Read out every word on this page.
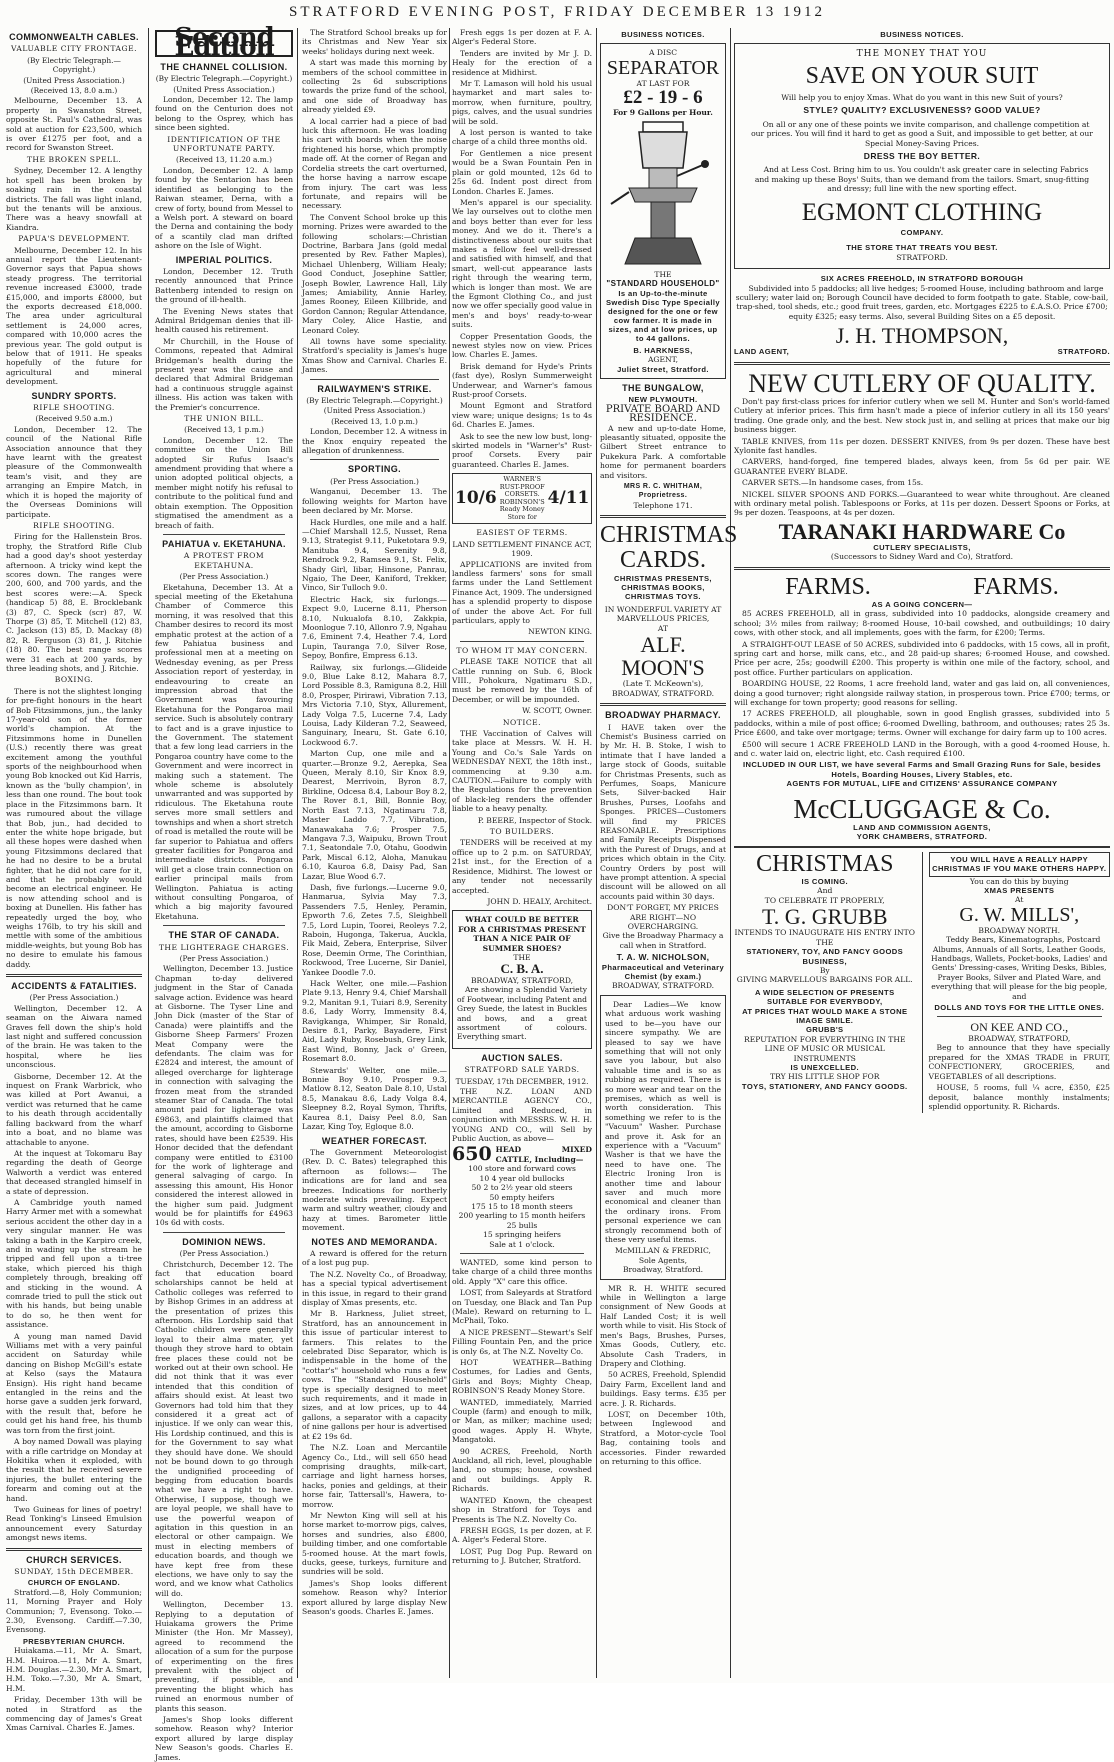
STRATFORD EVENING POST, FRIDAY DECEMBER 13 1912
COMMONWEALTH CABLES.
VALUABLE CITY FRONTAGE.
(By Electric Telegraph.—Copyright.)
(United Press Association.)
(Received 13, 8.0 a.m.)

Melbourne, December 13. A property in Swanston Street, opposite St. Paul's Cathedral, was sold at auction for £23,500, which is over £1275 per foot, and a record for Swanston Street.

THE BROKEN SPELL.

Sydney, December 12. A lengthy hot spell has been broken by soaking rain in the coastal districts. The fall was light inland, but the tenants will be anxious. There was a heavy snowfall at Kiandra.

PAPUA'S DEVELOPMENT.

Melbourne, December 12. In his annual report the Lieutenant-Governor says that Papua shows steady progress. The territorial revenue increased £3000, trade £15,000, and imports £8000, but the exports decreased £18,000. The area under agricultural settlement is 24,000 acres, compared with 10,000 acres the previous year. The gold output is below that of 1911. He speaks hopefully of the future for agricultural and mineral development.

SUNDRY SPORTS.
RIFLE SHOOTING.
(Received 9.50 a.m.)

London, December 12. The council of the National Rifle Association announce that they have learnt with the greatest pleasure of the Commonwealth team's visit, and they are arranging an Empire Match, in which it is hoped the majority of the Overseas Dominions will participate.

RIFLE SHOOTING.

Firing for the Hallenstein Bros. trophy, the Stratford Rifle Club had a good day's shoot yesterday afternoon. A tricky wind kept the scores down. The ranges were 200, 600, and 700 yards, and the best scores were:—A. Speck (handicap 5) 88, E. Brocklebank (3) 87, C. Speck (scr) 87, W. Thorpe (3) 85, T. Mitchell (12) 83, C. Jackson (13) 85, D. Mackay (8) 82, R. Ferguson (3) 81, J. Ritchie (18) 80. The best range scores were 31 each at 200 yards, by three leading shots, and J. Ritchie.

BOXING.

There is not the slightest longing for pre-fight honours in the heart of Bob Fitzsimmons, jun., the lanky 17-year-old son of the former world's champion. At the Fitzsimmons home in Dunellen (U.S.) recently there was great excitement among the youthful sports of the neighbourhood when young Bob knocked out Kid Harris, known as the 'bully champion', in less than one round. The bout took place in the Fitzsimmons barn. It was rumoured about the village that Bob, jun., had decided to enter the white hope brigade, but all these hopes were dashed when young Fitzsimmons declared that he had no desire to be a brutal fighter, that he did not care for it, and that he probably would become an electrical engineer. He is now attending school and is boxing at Dunellen. His father has repeatedly urged the boy, who weighs 176lb, to try his skill and mettle with some of the ambitious middle-weights, but young Bob has no desire to emulate his famous daddy.

ACCIDENTS & FATALITIES.
(Per Press Association.)

Wellington, December 12. A seaman on the Aiwara named Graves fell down the ship's hold last night and suffered concussion of the brain. He was taken to the hospital, where he lies unconscious.

Gisborne, December 12. At the inquest on Frank Warbrick, who was killed at Port Awanui, a verdict was returned that he came to his death through accidentally falling backward from the wharf into a boat, and no blame was attachable to anyone.

At the inquest at Tokomaru Bay regarding the death of George Walworth a verdict was entered that deceased strangled himself in a state of depression.

A Cambridge youth named Harry Armer met with a somewhat serious accident the other day in a very singular manner. He was taking a bath in the Karpiro creek, and in wading up the stream he tripped and fell upon a ti-tree stake, which pierced his thigh completely through, breaking off and sticking in the wound. A comrade tried to pull the stick out with his hands, but being unable to do so, he then went for assistance.

A young man named David Williams met with a very painful accident on Saturday while dancing on Bishop McGill's estate at Kelso (says the Mataura Ensign). His right hand became entangled in the reins and the horse gave a sudden jerk forward, with the result that, before he could get his hand free, his thumb was torn from the first joint.

A boy named Dowall was playing with a rifle cartridge on Monday at Hokitika when it exploded, with the result that he received severe injuries, the bullet entering the forearm and coming out at the hand.

Two Guineas for lines of poetry! Read Tonking's Linseed Emulsion announcement every Saturday amongst news items.

CHURCH SERVICES.
SUNDAY, 15th DECEMBER.
CHURCH OF ENGLAND.

Stratford.—8, Holy Communion; 11, Morning Prayer and Holy Communion; 7, Evensong. Toko.—2.30, Evensong. Cardiff.—7.30, Evensong.

PRESBYTERIAN CHURCH.

Huiakama.—11, Mr A. Smart, H.M. Huiroa.—11, Mr A. Smart, H.M. Douglas.—2.30, Mr A. Smart, H.M. Toko.—7.30, Mr A. Smart, H.M.

Friday, December 13th will be noted in Stratford as the commencing day of James's Great Xmas Carnival. Charles E. James.

Second Edition
THE CHANNEL COLLISION.
(By Electric Telegraph.—Copyright.)
(United Press Association.)

London, December 12. The lamp found on the Centurion does not belong to the Osprey, which has since been sighted.

IDENTIFICATION OF THE UNFORTUNATE PARTY.
(Received 13, 11.20 a.m.)

London, December 12. A lamp found by the Sentarion has been identified as belonging to the Raiwan steamer, Derna, with a crew of forty, bound from Messel to a Welsh port. A steward on board the Derna and containing the body of a scantily clad man drifted ashore on the Isle of Wight.

IMPERIAL POLITICS.

London, December 12. Truth recently announced that Prince Battenberg intended to resign on the ground of ill-health.

The Evening News states that Admiral Bridgeman denies that ill-health caused his retirement.

Mr Churchill, in the House of Commons, repeated that Admiral Bridgeman's health during the present year was the cause and declared that Admiral Bridgeman had a continuous struggle against illness. His action was taken with the Premier's concurrence.

THE UNION BILL.
(Received 13, 1 p.m.)

London, December 12. The committee on the Union Bill adopted Sir Rufus Isaac's amendment providing that where a union adopted political objects, a member might notify his refusal to contribute to the political fund and obtain exemption. The Opposition stigmatised the amendment as a breach of faith.

PAHIATUA v. EKETAHUNA.
A PROTEST FROM EKETAHUNA.
(Per Press Association.)

Eketahuna, December 13. At a special meeting of the Eketahuna Chamber of Commerce this morning, it was resolved that this Chamber desires to record its most emphatic protest at the action of a few Pahiatua business and professional men at a meeting on Wednesday evening, as per Press Association report of yesterday, in endeavouring to create an impression abroad that the Government was favouring Eketahuna for the Pongaroa mail service. Such is absolutely contrary to fact and is a grave injustice to the Government. The statement that a few long lead carriers in the Pongaroa country have come to the Government and were incorrect in making such a statement. The whole scheme is absolutely unwarranted and was supported by ridiculous. The Eketahuna route serves more small settlers and townships and when a short stretch of road is metalled the route will be far superior to Pahiatua and offers greater facilities for Pongaroa and intermediate districts. Pongaroa will get a close train connection on earlier principal mails from Wellington. Pahiatua is acting without consulting Pongaroa, of which a big majority favoured Eketahuna.

THE STAR OF CANADA.
THE LIGHTERAGE CHARGES.
(Per Press Association.)

Wellington, December 13. Justice Chapman to-day delivered judgment in the Star of Canada salvage action. Evidence was heard at Gisborne. The Tyser Line and John Dick (master of the Star of Canada) were plaintiffs and the Gisborne Sheep Farmers' Frozen Meat Company were the defendants. The claim was for £2824 and interest, the amount of alleged overcharge for lighterage in connection with salvaging the frozen meat from the stranded steamer Star of Canada. The total amount paid for lighterage was £9863, and plaintiffs claimed that the amount, according to Gisborne rates, should have been £2539. His Honor decided that the defendant company were entitled to £3100 for the work of lighterage and general salvaging of cargo. In assessing this amount, His Honor considered the interest allowed in the higher sum paid. Judgment would be for plaintiffs for £4963 10s 6d with costs.

DOMINION NEWS.
(Per Press Association.)

Christchurch, December 12. The fact that education board scholarships cannot be held at Catholic colleges was referred to by Bishop Grimes in an address at the presentation of prizes this afternoon. His Lordship said that Catholic children were generally loyal to their alma mater, yet though they strove hard to obtain free places these could not be worked out at their own school. He did not think that it was ever intended that this condition of affairs should exist. At least two Governors had told him that they considered it a great act of injustice. If we only can wear this, His Lordship continued, and this is for the Government to say what they should have done. We should not be bound down to go through the undignified proceeding of begging from education boards what we have a right to have. Otherwise, I suppose, though we are loyal people, we shall have to use the powerful weapon of agitation in this question in an electoral or other campaign. We must in electing members of education boards, and though we have kept free from these elections, we have only to say the word, and we know what Catholics will do.

Wellington, December 13. Replying to a deputation of Huiakama growers the Prime Minister (the Hon. Mr Massey), agreed to recommend the allocation of a sum for the purpose of experimenting on the fires prevalent with the object of preventing, if possible, and preventing the blight which has ruined an enormous number of plants this season.

James's Shop looks different somehow. Reason why? Interior export allured by large display New Season's goods. Charles E. James.

The Stratford School breaks up for its Christmas and New Year six weeks' holidays during next week.

A start was made this morning by members of the school committee in collecting 2s 6d subscriptions towards the prize fund of the school, and one side of Broadway has already yielded £9.

A local carrier had a piece of bad luck this afternoon. He was loading his cart with boards when the noise frightened his horse, which promptly made off. At the corner of Regan and Cordelia streets the cart overturned, the horse having a narrow escape from injury. The cart was less fortunate, and repairs will be necessary.

The Convent School broke up this morning. Prizes were awarded to the following scholars:—Christian Doctrine, Barbara Jans (gold medal presented by Rev. Father Maples), Michael Uhlenberg, William Healy; Good Conduct, Josephine Sattler, Joseph Bowler, Lawrence Hall, Lily James; Amiability, Annie Harley, James Rooney, Eileen Killbride, and Gordon Cannon; Regular Attendance, Mary Coley, Alice Hastie, and Leonard Coley.

All towns have some speciality. Stratford's speciality is James's huge Xmas Show and Carnival. Charles E. James.

RAILWAYMEN'S STRIKE.
(By Electric Telegraph.—Copyright.)
(United Press Association.)
(Received 13, 1.0 p.m.)

London, December 12. A witness in the Knox enquiry repeated the allegation of drunkenness.

SPORTING.
(Per Press Association.)

Wanganui, December 13. The following weights for Marton have been declared by Mr. Morse.

Hack Hurdles, one mile and a half.—Chief Marshall 12.5, Nusset, Rena 9.13, Strategist 9.11, Puketotara 9.9, Manituba 9.4, Serenity 9.8, Rendrock 9.2, Ramsea 9.1, St. Felix, Shady Girl, Iibar, Hinsone, Panrau, Ngaio, The Deer, Kaniford, Trekker, Vinco, Sir Tulloch 9.0.

Electric Hack, six furlongs.—Expect 9.0, Lucerne 8.11, Pherson 8.10, Nukualofa 8.10, Zakkpia, Moonlogue 7.10, Allonro 7.9, Ngahau 7.6, Eminent 7.4, Heather 7.4, Lord Lupin, Tauranga 7.0, Silver Rose, Sepoy, Bonfire, Empress 6.13.

Railway, six furlongs.—Glideide 9.0, Blue Lake 8.12, Mahara 8.7, Lord Possible 8.3, Ramiguna 8.2, Hill 8.0, Prosper, Pirirawi, Vibration 7.13, Mrs Victoria 7.10, Styx, Allurement, Lady Volga 7.5, Lucerne 7.4, Lady Louisa, Lady Kilderan 7.2, Seaweed, Sanguinary, Inearu, St. Gate 6.10, Lockwood 6.7.

Marton Cup, one mile and a quarter.—Bronze 9.2, Aerepka, Sea Queen, Meraly 8.10, Sir Knox 8.9, Dearest, Merrivoin, Byron 8.7, Birkline, Odcesa 8.4, Labour Boy 8.2, The Rover 8.1, Bill, Bonnie Boy, North East 7.13, Ngatimaru 7.8, Master Laddo 7.7, Vibration, Manawakaha 7.6; Prosper 7.5, Mangava 7.3, Waipuku, Brown Trout 7.1, Seatondale 7.0, Otahu, Goodwin Park, Miscal 6.12, Aloha, Manukau 6.10, Kauroa 6.8, Daisy Pad, San Lazar, Blue Wood 6.7.

Dash, five furlongs.—Lucerne 9.0, Hanmarua, Sylvia May 7.3, Passenders 7.5, Henley, Peramin, Epworth 7.6, Zetes 7.5, Sleighbell 7.5, Lord Lupin, Toorei, Reoleys 7.2, Raboin, Hugonga, Takerua, Auckla, Fik Maid, Zebera, Enterprise, Silver Rose, Deemin Orme, The Corinthian, Rockwood, Tree Lucerne, Sir Daniel, Yankee Doodle 7.0.

Hack Welter, one mile.—Fashion Plate 9.13, Henry 9.4, Chief Marshall 9.2, Manitan 9.1, Tuiari 8.9, Serenity 8.6, Lady Worry, Immensity 8.4, Ravigkanga, Whimper, Sir Ronald, Desire 8.1, Parky, Bayadere, First Aid, Lady Ruby, Rosebush, Grey Link, East Wind, Bonny, Jack o' Green, Rosemart 8.0.

Stewards' Welter, one mile.—Bonnie Boy 9.10, Prosper 9.3, Matlow 8.12, Seaton Dale 8.10, Ustal 8.5, Manakau 8.6, Lady Volga 8.4, Sleepney 8.2, Royal Symon, Thrifts, Kaurea 8.1, Daisy Peel 8.0, San Lazar, King Toy, Egloque 8.0.

WEATHER FORECAST.

The Government Meteorologist (Rev. D. C. Bates) telegraphed this afternoon as follows:— The indications are for land and sea breezes. Indications for northerly moderate winds prevailing. Expect warm and sultry weather, cloudy and hazy at times. Barometer little movement.

NOTES AND MEMORANDA.

A reward is offered for the return of a lost pug pup.

The N.Z. Novelty Co., of Broadway, has a special typical advertisement in this issue, in regard to their grand display of Xmas presents, etc.

Mr B. Harkness, Juliet street, Stratford, has an announcement in this issue of particular interest to farmers. This relates to the celebrated Disc Separator, which is indispensable in the home of the "cottar's" household who runs a few cows. The "Standard Household" type is specially designed to meet such requirements, and it made in sizes, and at low prices, up to 44 gallons, a separator with a capacity of nine gallons per hour is advertised at £2 19s 6d.

The N.Z. Loan and Mercantile Agency Co., Ltd., will sell 650 head comprising draughts, milk-cart, carriage and light harness horses, hacks, ponies and geldings, at their horse fair, Tattersall's, Hawera, to-morrow.

Mr Newton King will sell at his horse market to-morrow pigs, calves, horses and sundries, also £800, building timber, and one comfortable 5-roomed house. At the mart fowls, ducks, geese, turkeys, furniture and sundries will be sold.

James's Shop looks different somehow. Reason why? Interior export allured by large display New Season's goods. Charles E. James.

Fresh eggs 1s per dozen at F. A. Alger's Federal Store.

Tenders are invited by Mr J. D. Healy for the erection of a residence at Midhirst.

Mr T. Lamason will hold his usual haymarket and mart sales to-morrow, when furniture, poultry, pigs, calves, and the usual sundries will be sold.

A lost person is wanted to take charge of a child three months old.

For Gentlemen a nice present would be a Swan Fountain Pen in plain or gold mounted, 12s 6d to 25s 6d. Indent post direct from London. Charles E. James.

Men's apparel is our speciality. We lay ourselves out to clothe men and boys better than ever for less money. And we do it. There's a distinctiveness about our suits that makes a fellow feel well-dressed and satisfied with himself, and that smart, well-cut appearance lasts right through the wearing term, which is longer than most. We are the Egmont Clothing Co., and just now we offer specially good value in men's and boys' ready-to-wear suits.

Copper Presentation Goods, the newest styles now on view. Prices low. Charles E. James.

Brisk demand for Hyde's Prints (fast dye), Roslyn Summerweight Underwear, and Warner's famous Rust-proof Corsets.

Mount Egmont and Stratford view ware; unique designs; 1s to 4s 6d. Charles E. James.

Ask to see the new low bust, long-skirted models in "Warner's" Rust-proof Corsets. Every pair guaranteed. Charles E. James.

10/6
WARNER'S RUST-PROOF CORSETS. ROBINSON'S Ready Money Store for
4/11
EASIEST OF TERMS.
LAND SETTLEMENT FINANCE ACT, 1909.

APPLICATIONS are invited from landless farmers' sons for small farms under the Land Settlement Finance Act, 1909. The undersigned has a splendid property to dispose of under the above Act. For full particulars, apply to

NEWTON KING.
TO WHOM IT MAY CONCERN.

PLEASE TAKE NOTICE that all Cattle running on Sub. 6, Block VIII., Pohokura, Ngatimaru S.D., must be removed by the 16th of December, or will be impounded.

W. SCOTT, Owner.
NOTICE.

THE Vaccination of Calves will take place at Messrs. W. H. H. Young and Co.'s Sale Yards on WEDNESDAY NEXT, the 18th inst., commencing at 9.30 a.m. CAUTION.—Failure to comply with the Regulations for the prevention of black-leg renders the offender liable to a heavy penalty.

P. BEERE, Inspector of Stock.
TO BUILDERS.

TENDERS will be received at my office up to 2 p.m. on SATURDAY, 21st inst., for the Erection of a Residence, Midhirst. The lowest or any tender not necessarily accepted.

JOHN D. HEALY, Architect.
WHAT COULD BE BETTER FOR A CHRISTMAS PRESENT THAN A NICE PAIR OF SUMMER SHOES?
THE
C. B. A.
BROADWAY, STRATFORD,

Are showing a Splendid Variety of Footwear, including Patent and Grey Suede, the latest in Buckles and bows, and a great assortment of colours. Everything smart.

AUCTION SALES.
STRATFORD SALE YARDS.
TUESDAY, 17th DECEMBER, 1912.

THE N.Z. LOAN AND MERCANTILE AGENCY CO., Limited and Reduced, in conjunction with MESSRS. W. H. H. YOUNG AND CO., will Sell by Public Auction, as above—

650 HEAD MIXED CATTLE, Including—
100 store and forward cows
10 4 year old bullocks
50 2 to 2½ year old steers
50 empty heifers
175 15 to 18 month steers
200 yearling to 15 month heifers
25 bulls
15 springing heifers
Sale at 1 o'clock.

WANTED, some kind person to take charge of a child three months old. Apply "X" care this office.

LOST, from Saleyards at Stratford on Tuesday, one Black and Tan Pup (Male). Reward on returning to L. McPhail, Toko.

A NICE PRESENT—Stewart's Self Filling Fountain Pen, and the price is only 6s, at The N.Z. Novelty Co.

HOT WEATHER—Bathing Costumes, for Ladies and Gents, Girls and Boys; Mighty Cheap, ROBINSON'S Ready Money Store.

WANTED, immediately, Married Couple (farm) and enough to milk, or Man, as milker; machine used; good wages. Apply H. Whyte, Mangatoki.

90 ACRES, Freehold, North Auckland, all rich, level, ploughable land, no stumps; house, cowshed and out buildings. Apply R. Richards.

WANTED Known, the cheapest shop in Stratford for Toys and Presents is The N.Z. Novelty Co.

FRESH EGGS, 1s per dozen, at F. A. Alger's Federal Store.

LOST, Pug Dog Pup. Reward on returning to J. Butcher, Stratford.

BUSINESS NOTICES.
A DISC
SEPARATOR
AT LAST FOR
£2 - 19 - 6
For 9 Gallons per Hour.
THE
"STANDARD HOUSEHOLD"
Is an Up-to-the-minute Swedish Disc Type Specially designed for the one or few cow farmer. It is made in sizes, and at low prices, up to 44 gallons.
B. HARKNESS,
AGENT,
Juliet Street, Stratford.
THE BUNGALOW,
NEW PLYMOUTH.
PRIVATE BOARD AND RESIDENCE.

A new and up-to-date Home, pleasantly situated, opposite the Gilbert Street entrance to Pukekura Park. A comfortable home for permanent boarders and visitors.

MRS R. C. WHITHAM, Proprietress.
Telephone 171.
CHRISTMAS
CARDS.
CHRISTMAS PRESENTS,
CHRISTMAS BOOKS,
CHRISTMAS TOYS.
IN WONDERFUL VARIETY AT MARVELLOUS PRICES,
AT
ALF. MOON'S
(Late T. McKeown's),
BROADWAY, STRATFORD.
BROADWAY PHARMACY.

I HAVE taken over the Chemist's Business carried on by Mr. H. B. Stoke, I wish to intimate that I have landed a large stock of Goods, suitable for Christmas Presents, such as Perfumes, Soaps, Manicure Sets, Silver-backed Hair Brushes, Purses, Loofahs and Sponges. PRICES—Customers will find my PRICES REASONABLE. Prescriptions and Family Receipts Dispensed with the Purest of Drugs, and at prices which obtain in the City. Country Orders by post will have prompt attention. A special discount will be allowed on all accounts paid within 30 days.

DON'T FORGET, MY PRICES ARE RIGHT—NO OVERCHARGING.
Give the Broadway Pharmacy a call when in Stratford.
T. A. W. NICHOLSON,
Pharmaceutical and Veterinary
Chemist (by exam.)
BROADWAY, STRATFORD.

Dear Ladies—We know what arduous work washing used to be—you have our sincere sympathy. We are pleased to say we have something that will not only save you labour, but also valuable time and is so as rubbing as required. There is so more wear and tear on the premises, which as well is worth consideration. This something we refer to is the "Vacuum" Washer. Purchase and prove it. Ask for an experience with a "Vacuum" Washer is that we have the need to have one. The Electric Ironing Iron is another time and labour saver and much more economical and cleaner than the ordinary irons. From personal experience we can strongly recommend both of these very useful items.

McMILLAN & FREDRIC,
Sole Agents,
Broadway, Stratford.

MR R. H. WHITE secured while in Wellington a large consignment of New Goods at Half Landed Cost; it is well worth while to visit. His Stock of men's Bags, Brushes, Purses, Xmas Goods, Cutlery, etc. Absolute Cash Traders, in Drapery and Clothing.

50 ACRES, Freehold, Splendid Dairy Farm, Excellent land and buildings. Easy terms. £35 per acre. J. R. Richards.

LOST, on December 10th, between Inglewood and Stratford, a Motor-cycle Tool Bag, containing tools and accessories. Finder rewarded on returning to this office.

BUSINESS NOTICES.
THE MONEY THAT YOU
SAVE ON YOUR SUIT
Will help you to enjoy Xmas. What do you want in this new Suit of yours?
STYLE? QUALITY? EXCLUSIVENESS? GOOD VALUE?

On all or any one of these points we invite comparison, and challenge competition at our prices. You will find it hard to get as good a Suit, and impossible to get better, at our Special Money-Saving Prices.

DRESS THE BOY BETTER.

And at Less Cost. Bring him to us. You couldn't ask greater care in selecting Fabrics and making up these Boys' Suits, than we demand from the tailors. Smart, snug-fitting and dressy; full line with the new sporting effect.

EGMONT CLOTHING
COMPANY.
THE STORE THAT TREATS YOU BEST.
STRATFORD.
SIX ACRES FREEHOLD, IN STRATFORD BOROUGH

Subdivided into 5 paddocks; all live hedges; 5-roomed House, including bathroom and large scullery; water laid on; Borough Council have decided to form footpath to gate. Stable, cow-bail, trap-shed, tool sheds, etc.; good fruit trees, garden, etc. Mortgages £225 to £.A.S.O. Price £700; equity £325; easy terms. Also, several Building Sites on a £5 deposit.

J. H. THOMPSON,
LAND AGENT,	STRATFORD.
NEW CUTLERY OF QUALITY.

Don't pay first-class prices for inferior cutlery when we sell M. Hunter and Son's world-famed Cutlery at inferior prices. This firm hasn't made a piece of inferior cutlery in all its 150 years' trading. One grade only, and the best. New stock just in, and selling at prices that make our big business bigger.

TABLE KNIVES, from 11s per dozen. DESSERT KNIVES, from 9s per dozen. These have best Xylonite fast handles.

CARVERS, hand-forged, fine tempered blades, always keen, from 5s 6d per pair. WE GUARANTEE EVERY BLADE.

CARVER SETS.—In handsome cases, from 15s.

NICKEL SILVER SPOONS AND FORKS.—Guaranteed to wear white throughout. Are cleaned with ordinary metal polish. Tablespoons or Forks, at 11s per dozen. Dessert Spoons or Forks, at 9s per dozen. Teaspoons, at 4s per dozen.

TARANAKI HARDWARE Co
CUTLERY SPECIALISTS,
(Successors to Sidney Ward and Co), Stratford.
FARMS.	FARMS.
AS A GOING CONCERN—

85 ACRES FREEHOLD, all in grass, subdivided into 10 paddocks, alongside creamery and school; 3½ miles from railway; 8-roomed House, 10-bail cowshed, and outbuildings; 10 dairy cows, with other stock, and all implements, goes with the farm, for £200; Terms.

A STRAIGHT-OUT LEASE of 50 ACRES, subdivided into 6 paddocks, with 15 cows, all in profit, spring cart and horse, milk cans, etc., and 28 paid-up shares; 6-roomed House, and cowshed. Price per acre, 25s; goodwill £200. This property is within one mile of the factory, school, and post office. Further particulars on application.

BOARDING HOUSE, 22 Rooms, 1 acre freehold land, water and gas laid on, all conveniences, doing a good turnover; right alongside railway station, in prosperous town. Price £700; terms, or will exchange for town property; good reasons for selling.

17 ACRES FREEHOLD, all ploughable, sown in good English grasses, subdivided into 5 paddocks, within a mile of post office; 6-roomed Dwelling, bathroom, and outhouses; rates 25 3s. Price £600, and take over mortgage; terms. Owner will exchange for dairy farm up to 100 acres.

£500 will secure 1 ACRE FREEHOLD LAND in the Borough, with a good 4-roomed House, h. and c. water laid on, electric light, etc. Cash required £100.

INCLUDED IN OUR LIST, we have several Farms and Small Grazing Runs for Sale, besides Hotels, Boarding Houses, Livery Stables, etc.
AGENTS FOR MUTUAL, LIFE and CITIZENS' ASSURANCE COMPANY
McCLUGGAGE & Co.
LAND AND COMMISSION AGENTS,
YORK CHAMBERS, STRATFORD.
CHRISTMAS
IS COMING.
And
TO CELEBRATE IT PROPERLY,
T. G. GRUBB
INTENDS TO INAUGURATE HIS ENTRY INTO THE
STATIONERY, TOY, AND FANCY GOODS BUSINESS,
By
GIVING MARVELLOUS BARGAINS FOR ALL.
A WIDE SELECTION OF PRESENTS SUITABLE FOR EVERYBODY,
AT PRICES THAT WOULD MAKE A STONE IMAGE SMILE.
GRUBB'S
REPUTATION FOR EVERYTHING IN THE LINE OF MUSIC OR MUSICAL INSTRUMENTS
IS UNEXCELLED.
TRY HIS LITTLE SHOP FOR
TOYS, STATIONERY, AND FANCY GOODS.
YOU WILL HAVE A REALLY HAPPY CHRISTMAS IF YOU MAKE OTHERS HAPPY.
You can do this by buying
XMAS PRESENTS
At
G. W. MILLS',
BROADWAY NORTH.

Teddy Bears, Kinematographs, Postcard Albums, Annuals of all Sorts, Leather Goods, Handbags, Wallets, Pocket-books, Ladies' and Gents' Dressing-cases, Writing Desks, Bibles, Prayer Books, Silver and Plated Ware, and everything that will please for the big people, and

DOLLS AND TOYS FOR THE LITTLE ONES.
ON KEE AND CO.,
BROADWAY, STRATFORD,

Beg to announce that they have specially prepared for the XMAS TRADE in FRUIT, CONFECTIONERY, GROCERIES, and VEGETABLES of all descriptions.

HOUSE, 5 rooms, full ¼ acre, £350, £25 deposit, balance monthly instalments; splendid opportunity. R. Richards.
